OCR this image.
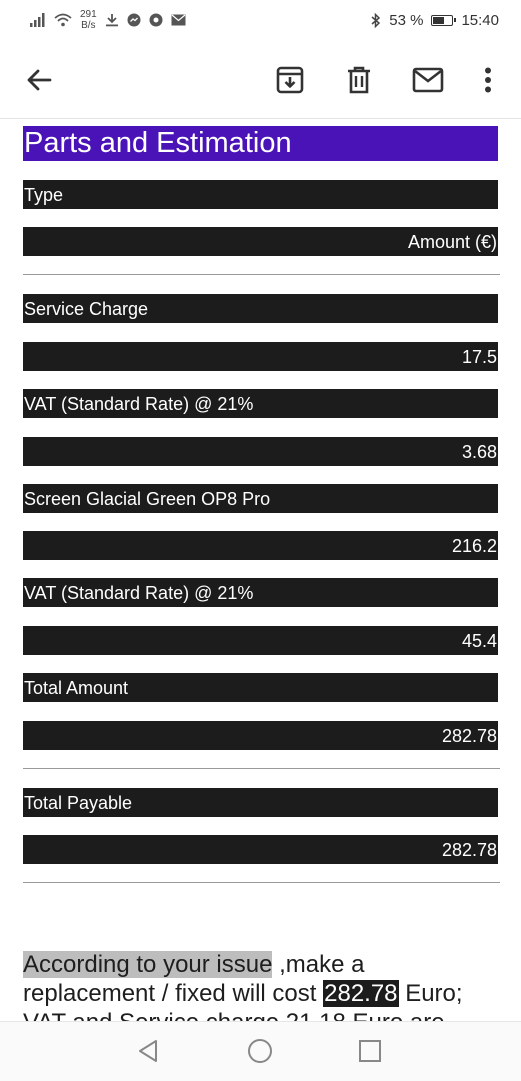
291
B/s	53 %	15:40
Parts and Estimation
Type
Amount (€)
Service Charge
17.5
VAT (Standard Rate) @ 21%
3.68
Screen Glacial Green OP8 Pro
216.2
VAT (Standard Rate) @ 21%
45.4
Total Amount
282.78
Total Payable
282.78
According to your issue ,make a replacement / fixed will cost 282.78 Euro;
